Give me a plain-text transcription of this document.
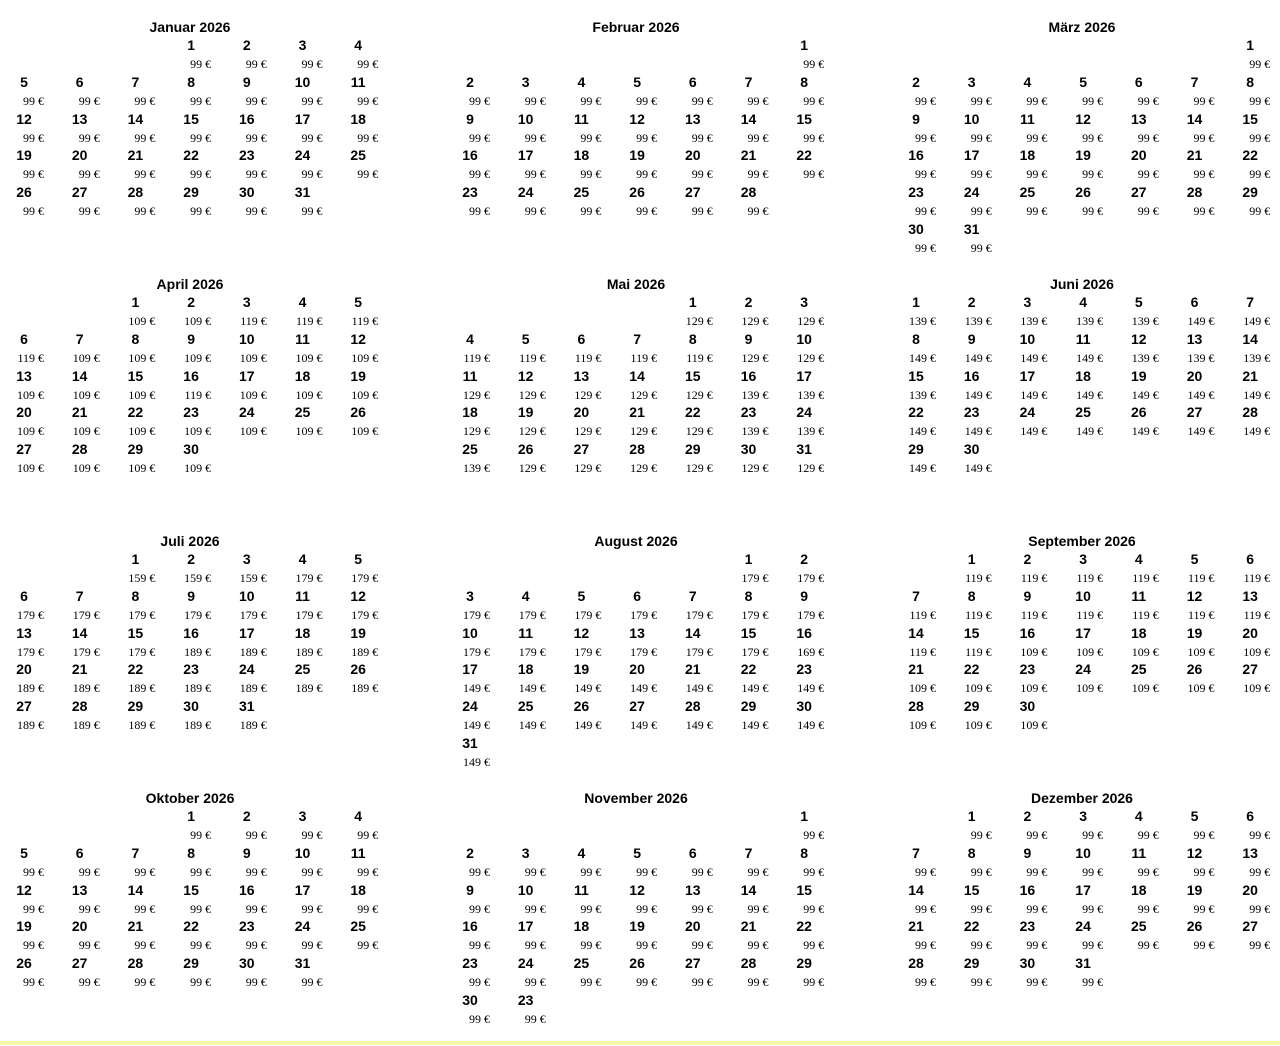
Januar 2026
1
99 €
2
99 €
3
99 €
4
99 €
5
99 €
6
99 €
7
99 €
8
99 €
9
99 €
10
99 €
11
99 €
12
99 €
13
99 €
14
99 €
15
99 €
16
99 €
17
99 €
18
99 €
19
99 €
20
99 €
21
99 €
22
99 €
23
99 €
24
99 €
25
99 €
26
99 €
27
99 €
28
99 €
29
99 €
30
99 €
31
99 €
Februar 2026
1
99 €
2
99 €
3
99 €
4
99 €
5
99 €
6
99 €
7
99 €
8
99 €
9
99 €
10
99 €
11
99 €
12
99 €
13
99 €
14
99 €
15
99 €
16
99 €
17
99 €
18
99 €
19
99 €
20
99 €
21
99 €
22
99 €
23
99 €
24
99 €
25
99 €
26
99 €
27
99 €
28
99 €
März 2026
1
99 €
2
99 €
3
99 €
4
99 €
5
99 €
6
99 €
7
99 €
8
99 €
9
99 €
10
99 €
11
99 €
12
99 €
13
99 €
14
99 €
15
99 €
16
99 €
17
99 €
18
99 €
19
99 €
20
99 €
21
99 €
22
99 €
23
99 €
24
99 €
25
99 €
26
99 €
27
99 €
28
99 €
29
99 €
30
99 €
31
99 €
April 2026
1
109 €
2
109 €
3
119 €
4
119 €
5
119 €
6
119 €
7
109 €
8
109 €
9
109 €
10
109 €
11
109 €
12
109 €
13
109 €
14
109 €
15
109 €
16
119 €
17
109 €
18
109 €
19
109 €
20
109 €
21
109 €
22
109 €
23
109 €
24
109 €
25
109 €
26
109 €
27
109 €
28
109 €
29
109 €
30
109 €
Mai 2026
1
129 €
2
129 €
3
129 €
4
119 €
5
119 €
6
119 €
7
119 €
8
119 €
9
129 €
10
129 €
11
129 €
12
129 €
13
129 €
14
129 €
15
129 €
16
139 €
17
139 €
18
129 €
19
129 €
20
129 €
21
129 €
22
129 €
23
139 €
24
139 €
25
139 €
26
129 €
27
129 €
28
129 €
29
129 €
30
129 €
31
129 €
Juni 2026
1
139 €
2
139 €
3
139 €
4
139 €
5
139 €
6
149 €
7
149 €
8
149 €
9
149 €
10
149 €
11
149 €
12
139 €
13
139 €
14
139 €
15
139 €
16
149 €
17
149 €
18
149 €
19
149 €
20
149 €
21
149 €
22
149 €
23
149 €
24
149 €
25
149 €
26
149 €
27
149 €
28
149 €
29
149 €
30
149 €
Juli 2026
1
159 €
2
159 €
3
159 €
4
179 €
5
179 €
6
179 €
7
179 €
8
179 €
9
179 €
10
179 €
11
179 €
12
179 €
13
179 €
14
179 €
15
179 €
16
189 €
17
189 €
18
189 €
19
189 €
20
189 €
21
189 €
22
189 €
23
189 €
24
189 €
25
189 €
26
189 €
27
189 €
28
189 €
29
189 €
30
189 €
31
189 €
August 2026
1
179 €
2
179 €
3
179 €
4
179 €
5
179 €
6
179 €
7
179 €
8
179 €
9
179 €
10
179 €
11
179 €
12
179 €
13
179 €
14
179 €
15
179 €
16
169 €
17
149 €
18
149 €
19
149 €
20
149 €
21
149 €
22
149 €
23
149 €
24
149 €
25
149 €
26
149 €
27
149 €
28
149 €
29
149 €
30
149 €
31
149 €
September 2026
1
119 €
2
119 €
3
119 €
4
119 €
5
119 €
6
119 €
7
119 €
8
119 €
9
119 €
10
119 €
11
119 €
12
119 €
13
119 €
14
119 €
15
119 €
16
109 €
17
109 €
18
109 €
19
109 €
20
109 €
21
109 €
22
109 €
23
109 €
24
109 €
25
109 €
26
109 €
27
109 €
28
109 €
29
109 €
30
109 €
Oktober 2026
1
99 €
2
99 €
3
99 €
4
99 €
5
99 €
6
99 €
7
99 €
8
99 €
9
99 €
10
99 €
11
99 €
12
99 €
13
99 €
14
99 €
15
99 €
16
99 €
17
99 €
18
99 €
19
99 €
20
99 €
21
99 €
22
99 €
23
99 €
24
99 €
25
99 €
26
99 €
27
99 €
28
99 €
29
99 €
30
99 €
31
99 €
November 2026
1
99 €
2
99 €
3
99 €
4
99 €
5
99 €
6
99 €
7
99 €
8
99 €
9
99 €
10
99 €
11
99 €
12
99 €
13
99 €
14
99 €
15
99 €
16
99 €
17
99 €
18
99 €
19
99 €
20
99 €
21
99 €
22
99 €
23
99 €
24
99 €
25
99 €
26
99 €
27
99 €
28
99 €
29
99 €
30
99 €
23
99 €
Dezember 2026
1
99 €
2
99 €
3
99 €
4
99 €
5
99 €
6
99 €
7
99 €
8
99 €
9
99 €
10
99 €
11
99 €
12
99 €
13
99 €
14
99 €
15
99 €
16
99 €
17
99 €
18
99 €
19
99 €
20
99 €
21
99 €
22
99 €
23
99 €
24
99 €
25
99 €
26
99 €
27
99 €
28
99 €
29
99 €
30
99 €
31
99 €
